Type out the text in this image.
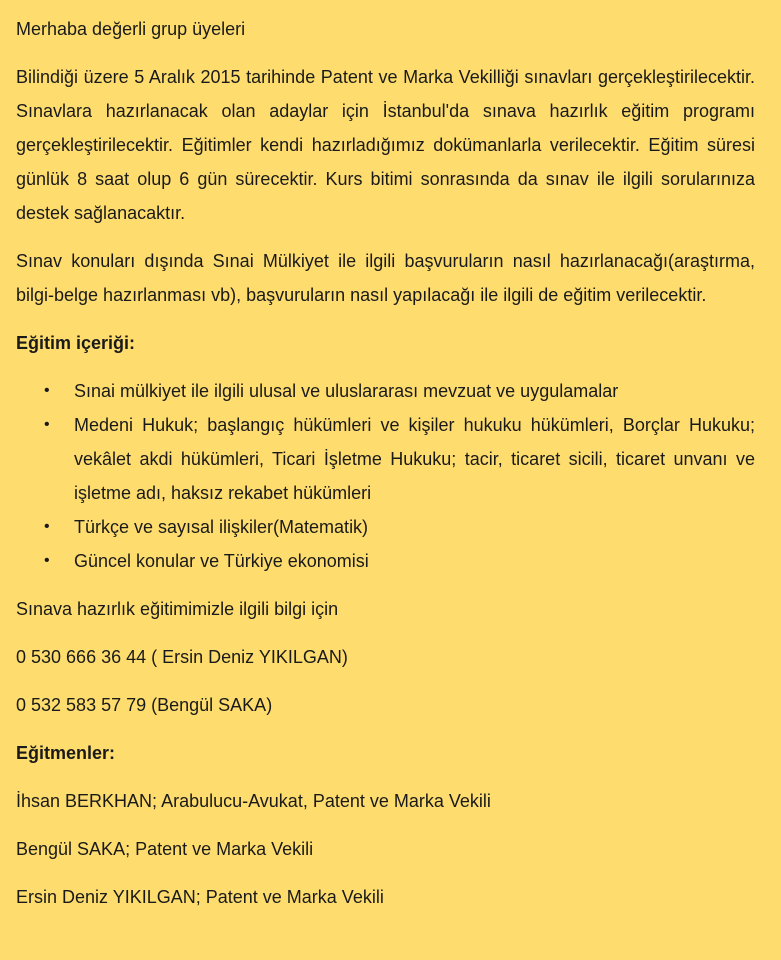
Merhaba değerli grup üyeleri

Bilindiği üzere 5 Aralık 2015 tarihinde Patent ve Marka Vekilliği sınavları gerçekleştirilecektir. Sınavlara hazırlanacak olan adaylar için İstanbul'da sınava hazırlık eğitim programı gerçekleştirilecektir. Eğitimler kendi hazırladığımız dokümanlarla verilecektir. Eğitim süresi günlük 8 saat olup 6 gün sürecektir. Kurs bitimi sonrasında da sınav ile ilgili sorularınıza destek sağlanacaktır.

Sınav konuları dışında Sınai Mülkiyet ile ilgili başvuruların nasıl hazırlanacağı(araştırma, bilgi-belge hazırlanması vb), başvuruların nasıl yapılacağı ile ilgili de eğitim verilecektir.

Eğitim içeriği:

• Sınai mülkiyet ile ilgili ulusal ve uluslararası mevzuat ve uygulamalar
• Medeni Hukuk; başlangıç hükümleri ve kişiler hukuku hükümleri, Borçlar Hukuku; vekâlet akdi hükümleri, Ticari İşletme Hukuku; tacir, ticaret sicili, ticaret unvanı ve işletme adı, haksız rekabet hükümleri
• Türkçe ve sayısal ilişkiler(Matematik)
• Güncel konular ve Türkiye ekonomisi

Sınava hazırlık eğitimimizle ilgili bilgi için

0 530 666 36 44 ( Ersin Deniz YIKILGAN)

0 532 583 57 79 (Bengül SAKA)

Eğitmenler:

İhsan BERKHAN; Arabulucu-Avukat, Patent ve Marka Vekili

Bengül SAKA; Patent ve Marka Vekili

Ersin Deniz YIKILGAN; Patent ve Marka Vekili
